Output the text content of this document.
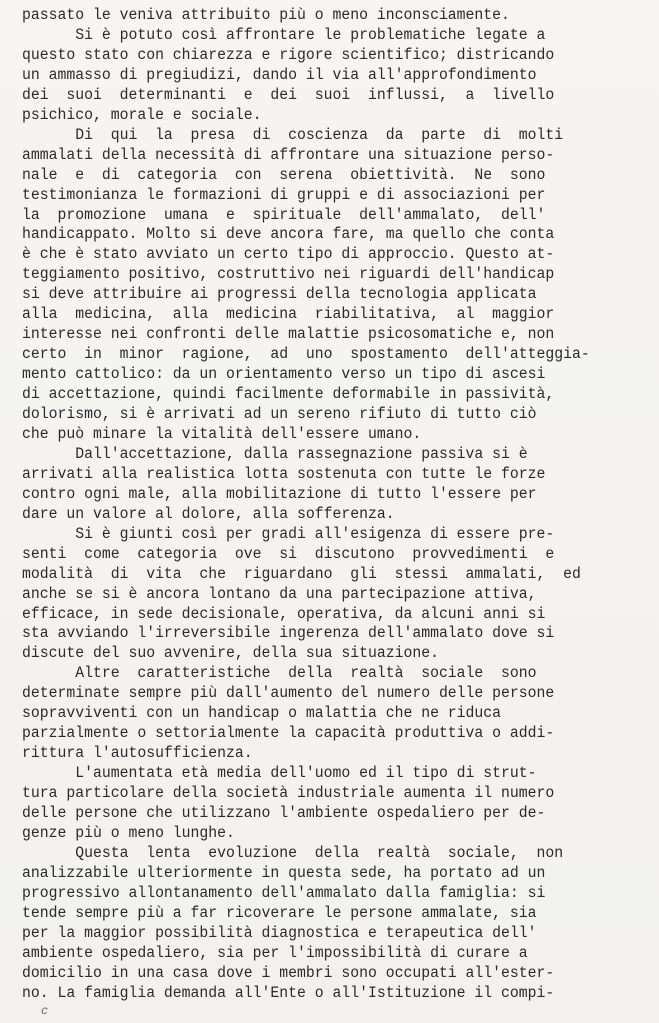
passato le veniva attribuito più o meno inconsciamente.
Si è potuto così affrontare le problematiche legate a
questo stato con chiarezza e rigore scientifico; districando
un ammasso di pregiudizi, dando il via all'approfondimento
dei  suoi  determinanti  e  dei  suoi  influssi,  a  livello
psichico, morale e sociale.
Di  qui  la  presa  di  coscienza  da  parte  di  molti
ammalati della necessità di affrontare una situazione perso-
nale  e  di  categoria  con  serena  obiettività.  Ne  sono
testimonianza le formazioni di gruppi e di associazioni per
la  promozione  umana  e  spirituale  dell'ammalato,  dell'
handicappato. Molto si deve ancora fare, ma quello che conta
è che è stato avviato un certo tipo di approccio. Questo at-
teggiamento positivo, costruttivo nei riguardi dell'handicap
si deve attribuire ai progressi della tecnologia applicata
alla  medicina,  alla  medicina  riabilitativa,  al  maggior
interesse nei confronti delle malattie psicosomatiche e, non
certo  in  minor  ragione,  ad  uno  spostamento  dell'atteggia-
mento cattolico: da un orientamento verso un tipo di ascesi
di accettazione, quindi facilmente deformabile in passività,
dolorismo, si è arrivati ad un sereno rifiuto di tutto ciò
che può minare la vitalità dell'essere umano.
Dall'accettazione, dalla rassegnazione passiva si è
arrivati alla realistica lotta sostenuta con tutte le forze
contro ogni male, alla mobilitazione di tutto l'essere per
dare un valore al dolore, alla sofferenza.
Si è giunti così per gradi all'esigenza di essere pre-
senti  come  categoria  ove  si  discutono  provvedimenti  e
modalità  di  vita  che  riguardano  gli  stessi  ammalati,  ed
anche se si è ancora lontano da una partecipazione attiva,
efficace, in sede decisionale, operativa, da alcuni anni si
sta avviando l'irreversibile ingerenza dell'ammalato dove si
discute del suo avvenire, della sua situazione.
Altre  caratteristiche  della  realtà  sociale  sono
determinate sempre più dall'aumento del numero delle persone
sopravviventi con un handicap o malattia che ne riduca
parzialmente o settorialmente la capacità produttiva o addi-
rittura l'autosufficienza.
L'aumentata età media dell'uomo ed il tipo di strut-
tura particolare della società industriale aumenta il numero
delle persone che utilizzano l'ambiente ospedaliero per de-
genze più o meno lunghe.
Questa  lenta  evoluzione  della  realtà  sociale,  non
analizzabile ulteriormente in questa sede, ha portato ad un
progressivo allontanamento dell'ammalato dalla famiglia: si
tende sempre più a far ricoverare le persone ammalate, sia
per la maggior possibilità diagnostica e terapeutica dell'
ambiente ospedaliero, sia per l'impossibilità di curare a
domicilio in una casa dove i membri sono occupati all'ester-
no. La famiglia demanda all'Ente o all'Istituzione il compi-
c
